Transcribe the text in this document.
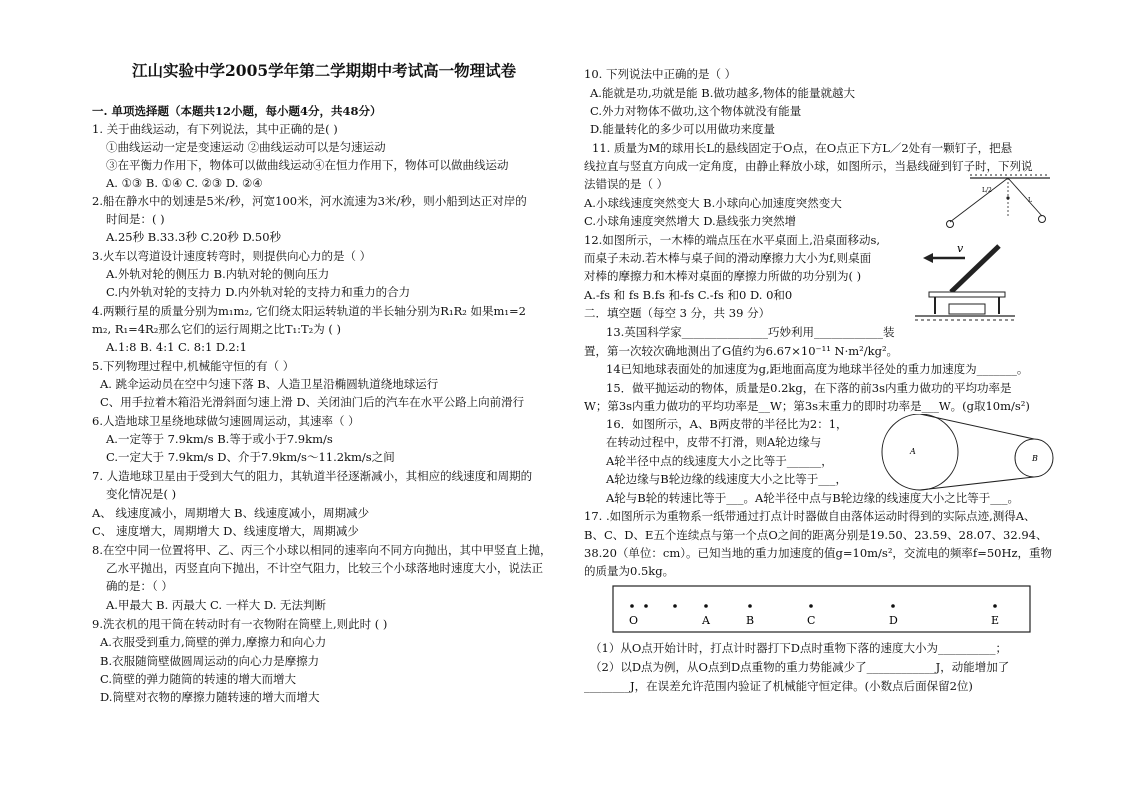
江山实验中学2005学年第二学期期中考试高一物理试卷
一. 单项选择题（本题共12小题，每小题4分，共48分）
1. 关于曲线运动，有下列说法，其中正确的是( )
①曲线运动一定是变速运动 ②曲线运动可以是匀速运动
③在平衡力作用下，物体可以做曲线运动④在恒力作用下，物体可以做曲线运动
A. ①③ B. ①④ C. ②③ D. ②④
2.船在静水中的划速是5米/秒，河宽100米，河水流速为3米/秒，则小船到达正对岸的
时间是：( )
A.25秒 B.33.3秒 C.20秒 D.50秒
3.火车以弯道设计速度转弯时，则提供向心力的是（ ）
A.外轨对轮的侧压力 B.内轨对轮的侧向压力
C.内外轨对轮的支持力 D.内外轨对轮的支持力和重力的合力
4.两颗行星的质量分别为m₁m₂, 它们绕太阳运转轨道的半长轴分别为R₁R₂ 如果m₁=2
m₂, R₁=4R₂那么它们的运行周期之比T₁:T₂为 ( )
A.1:8 B. 4:1 C. 8:1 D.2:1
5.下列物理过程中,机械能守恒的有（ ）
A. 跳伞运动员在空中匀速下落 B、人造卫星沿椭圆轨道绕地球运行
C、用手拉着木箱沿光滑斜面匀速上滑 D、关闭油门后的汽车在水平公路上向前滑行
6.人造地球卫星绕地球做匀速圆周运动，其速率（ ）
A.一定等于 7.9km/s B.等于或小于7.9km/s
C.一定大于 7.9km/s D、介于7.9km/s～11.2km/s之间
7. 人造地球卫星由于受到大气的阻力，其轨道半径逐渐减小，其相应的线速度和周期的
变化情况是( )
A、 线速度减小，周期增大 B、线速度减小，周期减少
C、 速度增大，周期增大 D、线速度增大，周期减少
8.在空中同一位置将甲、乙、丙三个小球以相同的速率向不同方向抛出，其中甲竖直上抛，
乙水平抛出，丙竖直向下抛出，不计空气阻力，比较三个小球落地时速度大小，说法正
确的是：（ ）
A.甲最大 B. 丙最大 C. 一样大 D. 无法判断
9.洗衣机的甩干筒在转动时有一衣物附在筒壁上,则此时 ( )
A.衣服受到重力,筒壁的弹力,摩擦力和向心力
B.衣服随筒壁做圆周运动的向心力是摩擦力
C.筒壁的弹力随筒的转速的增大而增大
D.筒壁对衣物的摩擦力随转速的增大而增大
10. 下列说法中正确的是（ ）
A.能就是功,功就是能 B.做功越多,物体的能量就越大
C.外力对物体不做功,这个物体就没有能量
D.能量转化的多少可以用做功来度量
11. 质量为M的球用长L的悬线固定于O点，在O点正下方L／2处有一颗钉子，把悬
线拉直与竖直方向成一定角度，由静止释放小球，如图所示，当悬线碰到钉子时，下列说
法错误的是（ ）
A.小球线速度突然变大 B.小球向心加速度突然变大
C.小球角速度突然增大 D.悬线张力突然增
12.如图所示，一木棒的端点压在水平桌面上,沿桌面移动s,
而桌子未动.若木棒与桌子间的滑动摩擦力大小为f,则桌面
对棒的摩擦力和木棒对桌面的摩擦力所做的功分别为( )
A.-fs 和 fs B.fs 和-fs C.-fs 和0 D. 0和0
二．填空题（每空 3 分，共 39 分）
13.英国科学家_______________巧妙利用____________装
置，第一次较次确地测出了G值约为6.67×10⁻¹¹ N·m²/kg²。
14已知地球表面处的加速度为g,距地面高度为地球半径处的重力加速度为_______。
15．做平抛运动的物体，质量是0.2kg，在下落的前3s内重力做功的平均功率是
W；第3s内重力做功的平均功率是__W；第3s末重力的即时功率是___W。(g取10m/s²)
16．如图所示，A、B两皮带的半径比为2：1，
在转动过程中，皮带不打滑，则A轮边缘与
A轮半径中点的线速度大小之比等于______，
A轮边缘与B轮边缘的线速度大小之比等于___，
A轮与B轮的转速比等于___。A轮半径中点与B轮边缘的线速度大小之比等于___。
17. .如图所示为重物系一纸带通过打点计时器做自由落体运动时得到的实际点迹,测得A、
B、C、D、E五个连续点与第一个点O之间的距离分别是19.50、23.59、28.07、32.94、
38.20（单位：cm）。已知当地的重力加速度的值g=10m/s²，交流电的频率f=50Hz，重物
的质量为0.5kg。
（1）从O点开始计时，打点计时器打下D点时重物下落的速度大小为__________；
（2）以D点为例，从O点到D点重物的重力势能减少了____________J，动能增加了
________J，在误差允许范围内验证了机械能守恒定律。(小数点后面保留2位)
L/2
L
v
A
B
O	A	B	C	D	E
